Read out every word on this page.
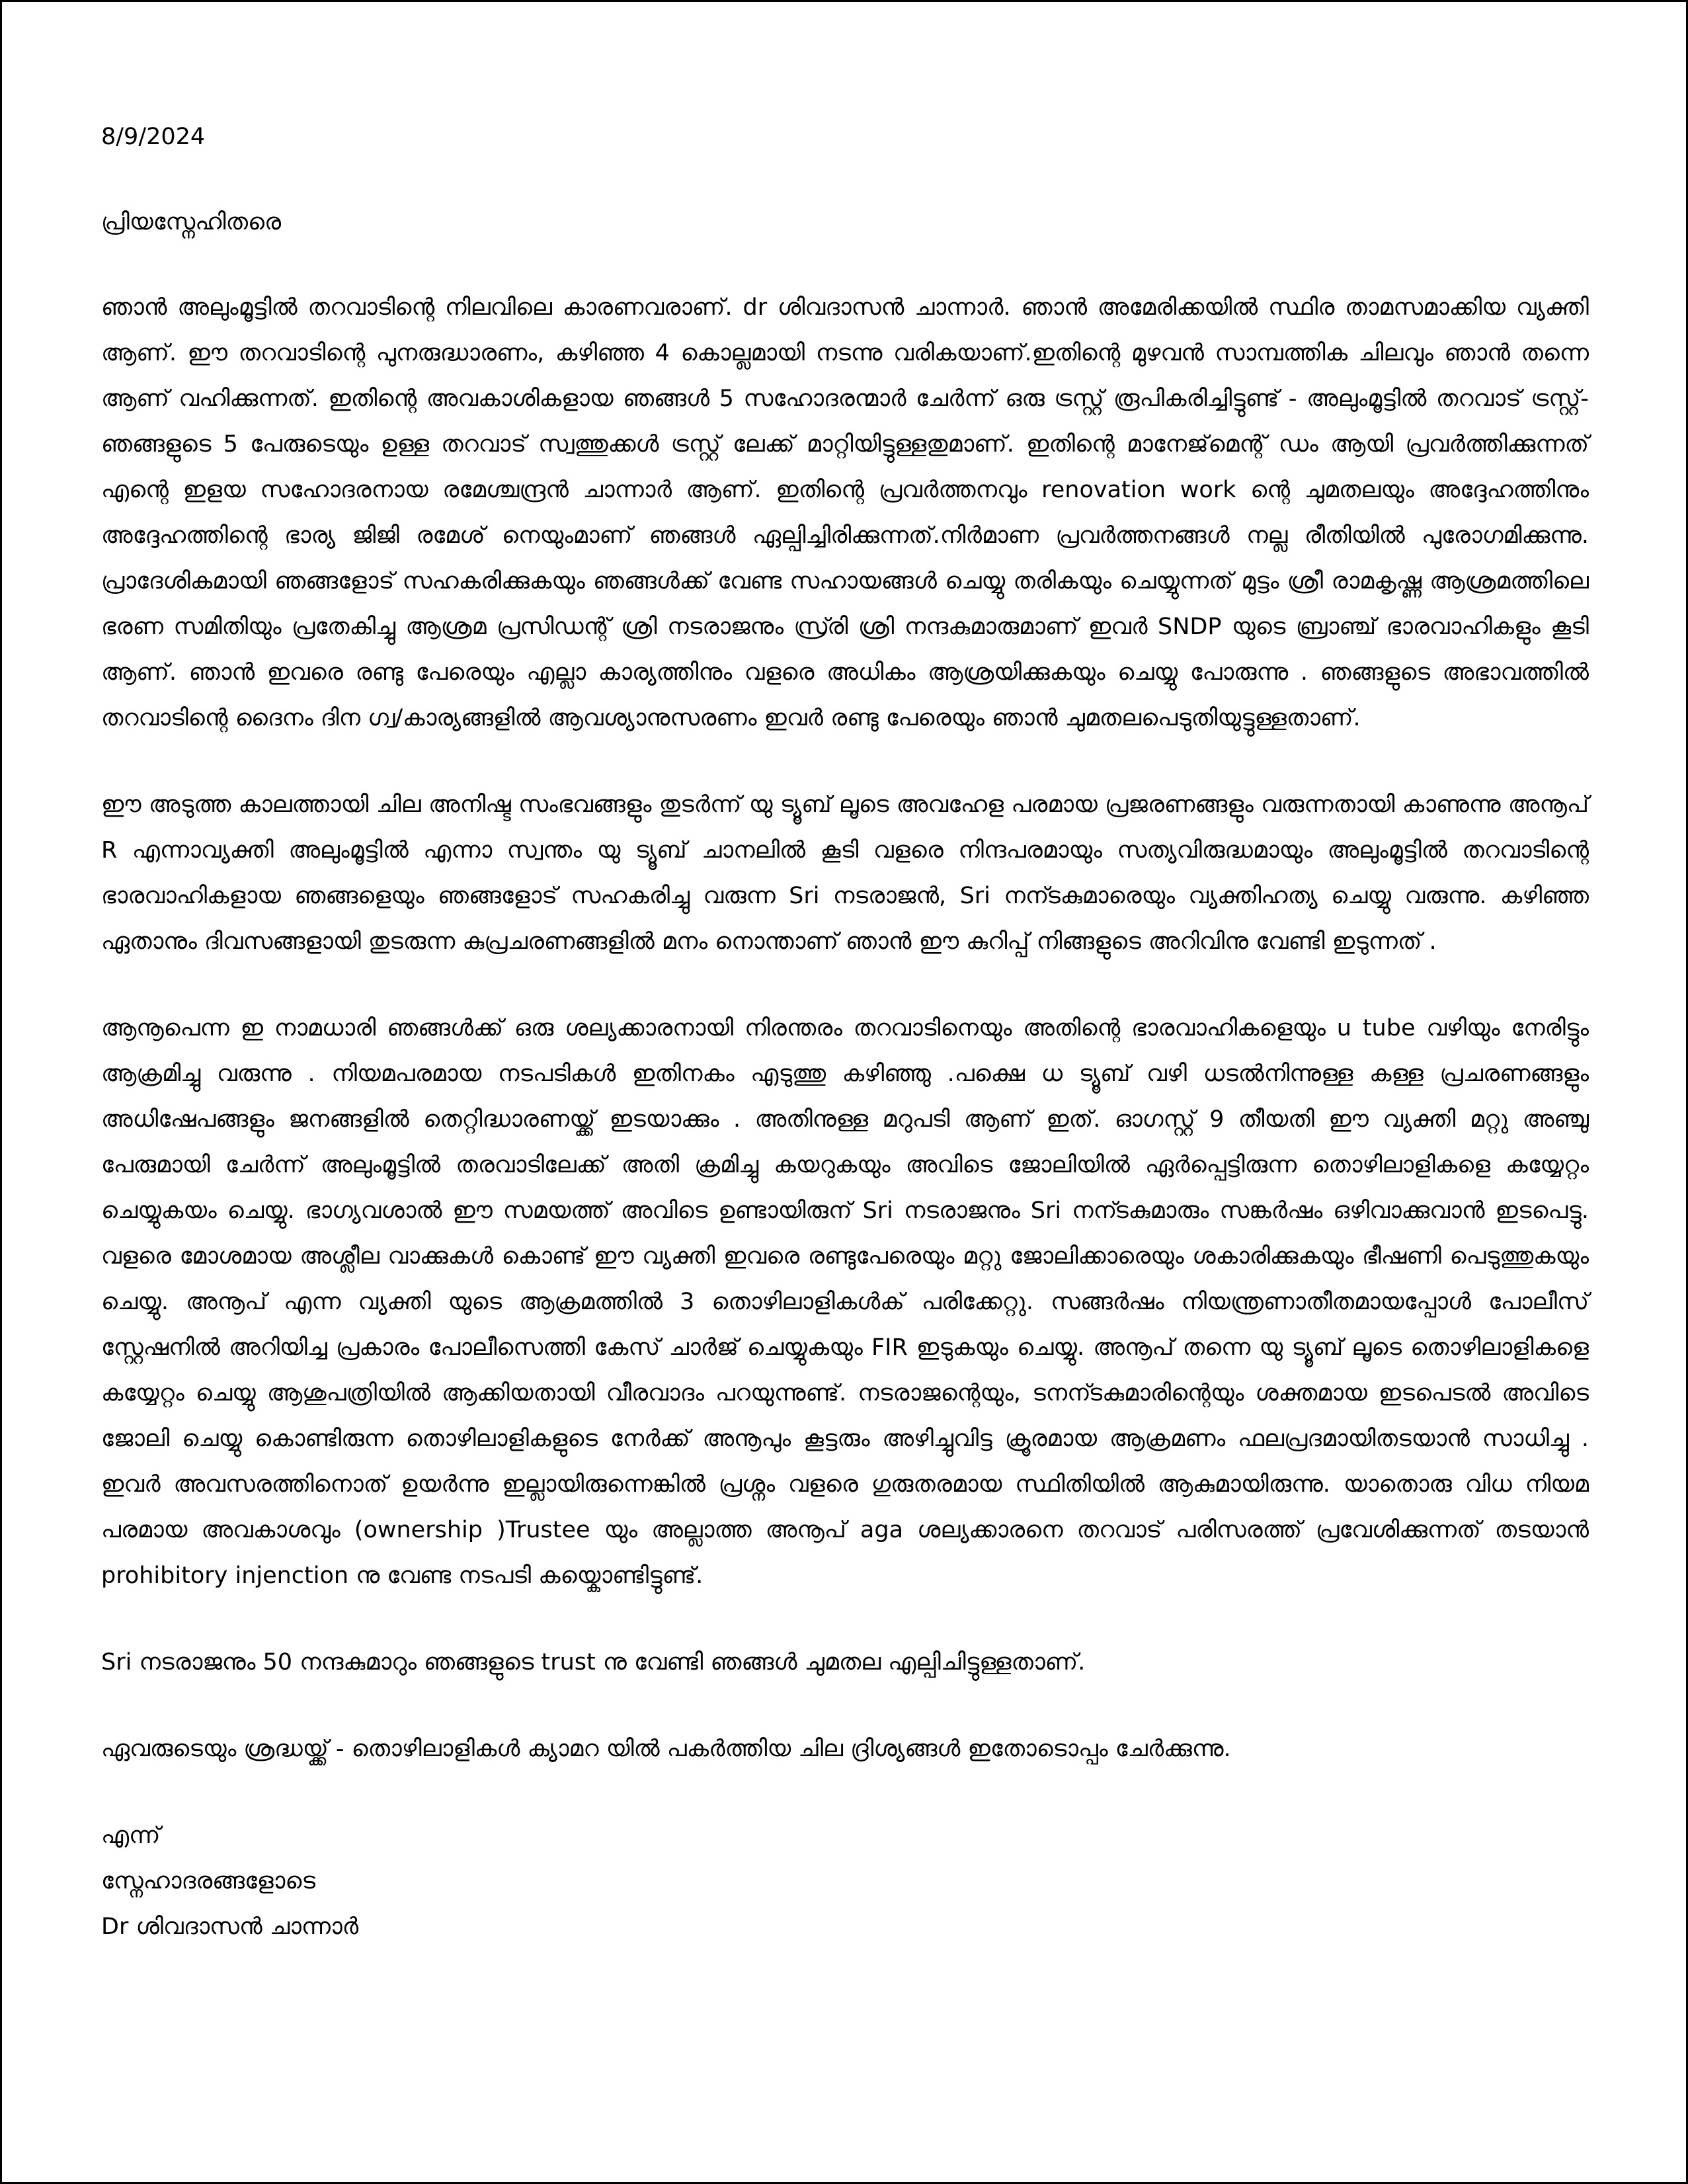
8/9/2024

പ്രിയസ്നേഹിതരെ

ഞാൻ അലുംമൂട്ടിൽ തറവാടിന്റെ നിലവിലെ കാരണവരാണ്. dr ശിവദാസൻ ചാന്നാർ. ഞാൻ അമേരിക്കയിൽ സ്ഥിര താമസമാക്കിയ വ്യക്തി ആണ്. ഈ തറവാടിന്റെ പുനരുദ്ധാരണം, കഴിഞ്ഞ 4 കൊല്ലമായി നടന്നു വരികയാണ്.ഇതിന്റെ മുഴവൻ സാമ്പത്തിക ചിലവും ഞാൻ തന്നെ ആണ് വഹിക്കുന്നത്. ഇതിന്റെ അവകാശികളായ ഞങ്ങൾ 5 സഹോദരന്മാർ ചേർന്ന് ഒരു ട്രസ്റ്റ് രൂപികരിച്ചിട്ടുണ്ട് - അലുംമൂട്ടിൽ തറവാട് ട്രസ്റ്റ്- ഞങ്ങളുടെ 5 പേരുടെയും ഉള്ള തറവാട് സ്വത്തുക്കൾ ട്രസ്റ്റ് ലേക്ക് മാറ്റിയിട്ടുള്ളതുമാണ്. ഇതിന്റെ മാനേജ്‌മെന്റ് ഡം ആയി പ്രവർത്തിക്കുന്നത് എന്റെ ഇളയ സഹോദരനായ രമേശ്ചന്ദ്രൻ ചാന്നാർ ആണ്. ഇതിന്റെ പ്രവർത്തനവും renovation work ന്റെ ചുമതലയും അദ്ദേഹത്തിനും അദ്ദേഹത്തിന്റെ ഭാര്യ ജിജി രമേശ് നെയുംമാണ് ഞങ്ങൾ ഏല്പിച്ചിരിക്കുന്നത്.നിർമാണ പ്രവർത്തനങ്ങൾ നല്ല രീതിയിൽ പുരോഗമിക്കുന്നു. പ്രാദേശികമായി ഞങ്ങളോട് സഹകരിക്കുകയും ഞങ്ങൾക്ക് വേണ്ട സഹായങ്ങൾ ചെയ്യു തരികയും ചെയ്യുന്നത് മുട്ടം ശ്രീ രാമകൃഷ്ണ ആശ്രമത്തിലെ ഭരണ സമിതിയും പ്രതേകിച്ചു ആശ്രമ പ്രസിഡന്റ് ശ്രി നടരാജനും സ്ര്രി ശ്രി നന്ദകുമാരുമാണ് ഇവർ SNDP യുടെ ബ്രാഞ്ച് ഭാരവാഹികളും കൂടി ആണ്. ഞാൻ ഇവരെ രണ്ടു പേരെയും എല്ലാ കാര്യത്തിനും വളരെ അധികം ആശ്രയിക്കുകയും ചെയ്യു പോരുന്നു . ഞങ്ങളുടെ അഭാവത്തിൽ തറവാടിന്റെ ദൈനം ദിന ഗ്വ/കാര്യങ്ങളിൽ ആവശ്യാനുസരണം ഇവർ രണ്ടു പേരെയും ഞാൻ ചുമതലപെടുതിയുട്ടുള്ളതാണ്.

ഈ അടുത്ത കാലത്തായി ചില അനിഷ്ട സംഭവങ്ങളും തുടർന്ന് യു ട്യൂബ് ലൂടെ അവഹേള പരമായ പ്രജരണങ്ങളും വരുന്നതായി കാണുന്നു അനൂപ് R എന്നാവ്യക്തി അലുംമൂട്ടിൽ എന്നാ സ്വന്തം യു ട്യൂബ് ചാനലിൽ കൂടി വളരെ നിന്ദപരമായും സത്യവിരുദ്ധമായും അലുംമൂട്ടിൽ തറവാടിന്റെ ഭാരവാഹികളായ ഞങ്ങളെയും ഞങ്ങളോട് സഹകരിച്ചു വരുന്ന Sri നടരാജൻ, Sri നന്ടകുമാരെയും വ്യക്തിഹത്യ ചെയ്യു വരുന്നു. കഴിഞ്ഞ ഏതാനും ദിവസങ്ങളായി തുടരുന്ന കുപ്രചരണങ്ങളിൽ മനം നൊന്താണ് ഞാൻ ഈ കുറിപ്പ് നിങ്ങളുടെ അറിവിനു വേണ്ടി ഇടുന്നത് .

ആനൂപെന്ന ഇ നാമധാരി ഞങ്ങൾക്ക് ഒരു ശല്യക്കാരനായി നിരന്തരം തറവാടിനെയും അതിന്റെ ഭാരവാഹികളെയും u tube വഴിയും നേരിട്ടും ആക്രമിച്ചു വരുന്നു . നിയമപരമായ നടപടികൾ ഇതിനകം എടുത്തു കഴിഞ്ഞു .പക്ഷെ ധ ട്യൂബ് വഴി ധടൽനിന്നുള്ള കള്ള പ്രചരണങ്ങളും അധിഷേപങ്ങളും ജനങ്ങളിൽ തെറ്റിദ്ധാരണയ്ക്ക് ഇടയാക്കും . അതിനുള്ള മറുപടി ആണ് ഇത്. ഓഗസ്റ്റ് 9 തീയതി ഈ വ്യക്തി മറ്റു അഞ്ചു പേരുമായി ചേർന്ന് അലുംമൂട്ടിൽ തരവാടിലേക്ക് അതി ക്രമിച്ചു കയറുകയും അവിടെ ജോലിയിൽ ഏർപ്പെട്ടിരുന്ന തൊഴിലാളികളെ കയ്യേറ്റം ചെയ്യുകയം ചെയ്യു. ഭാഗ്യവശാൽ ഈ സമയത്ത് അവിടെ ഉണ്ടായിരുന് Sri നടരാജനും Sri നന്ടകുമാരും സങ്കർഷം ഒഴിവാക്കുവാൻ ഇടപെട്ടു. വളരെ മോശമായ അശ്ലീല വാക്കുകൾ കൊണ്ട് ഈ വ്യക്തി ഇവരെ രണ്ടുപേരെയും മറ്റു ജോലിക്കാരെയും ശകാരിക്കുകയും ഭീഷണി പെടുത്തുകയും ചെയ്യു. അനൂപ് എന്ന വ്യക്തി യുടെ ആക്രമത്തിൽ 3 തൊഴിലാളികൾക് പരിക്കേറ്റു. സങ്ങർഷം നിയന്ത്രണാതീതമായപ്പോൾ പോലീസ് സ്റ്റേഷനിൽ അറിയിച്ച പ്രകാരം പോലീസെത്തി കേസ് ചാർജ് ചെയ്യുകയും FIR ഇടുകയും ചെയ്യു. അനൂപ് തന്നെ യു ട്യൂബ് ലൂടെ തൊഴിലാളികളെ കയ്യേറ്റം ചെയ്യു ആശുപത്രിയിൽ ആക്കിയതായി വീരവാദം പറയുന്നുണ്ട്. നടരാജന്റെയും, ടനന്ടകുമാരിന്റെയും ശക്തമായ ഇടപെടൽ അവിടെ ജോലി ചെയ്യു കൊണ്ടിരുന്ന തൊഴിലാളികളുടെ നേർക്ക് അനൂപും കൂട്ടരും അഴിച്ചുവിട്ട ക്രൂരമായ ആക്രമണം ഫലപ്രദമായിതടയാൻ സാധിച്ചു . ഇവർ അവസരത്തിനൊത് ഉയർന്നു ഇല്ലായിരുന്നെങ്കിൽ പ്രശ്നം വളരെ ഗുരുതരമായ സ്ഥിതിയിൽ ആകുമായിരുന്നു. യാതൊരു വിധ നിയമ പരമായ അവകാശവും (ownership )Trustee യും അല്ലാത്ത അനൂപ് aga ശല്യക്കാരനെ തറവാട് പരിസരത്ത് പ്രവേശിക്കുന്നത് തടയാൻ prohibitory injenction നു വേണ്ട നടപടി കയ്കൊണ്ടിട്ടുണ്ട്.

Sri നടരാജനും 50 നന്ദകുമാറും ഞങ്ങളുടെ trust നു വേണ്ടി ഞങ്ങൾ ചുമതല എല്പിചിട്ടുള്ളതാണ്.

ഏവരുടെയും ശ്രദ്ധയ്ക്ക് - തൊഴിലാളികൾ ക്യാമറ യിൽ പകർത്തിയ ചില ദ്രിശ്യങ്ങൾ ഇതോടൊപ്പം ചേർക്കുന്നു.

എന്ന്

സ്നേഹാദരങ്ങളോടെ

Dr ശിവദാസൻ ചാന്നാർ
